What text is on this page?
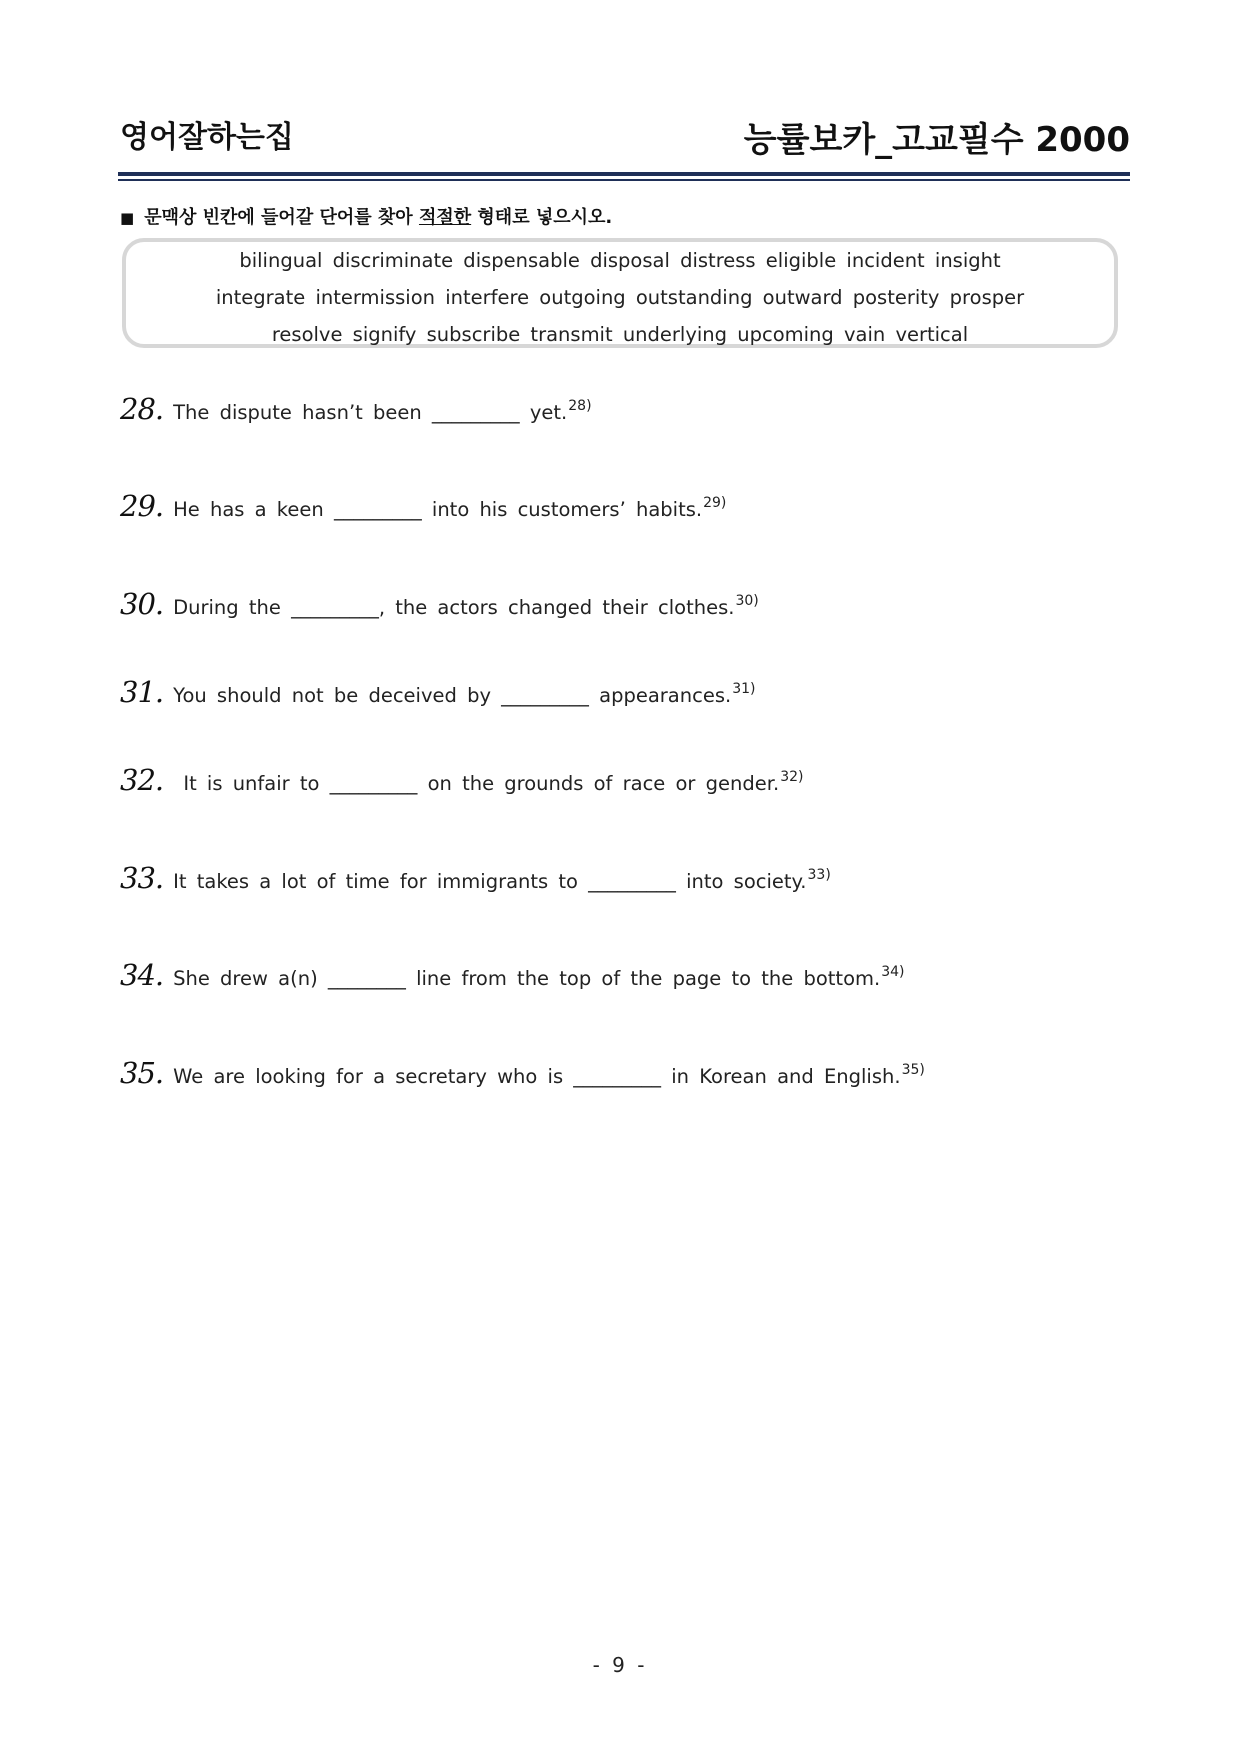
영어잘하는집	능률보카_고교필수 2000
■ 문맥상 빈칸에 들어갈 단어를 찾아 적절한 형태로 넣으시오.
bilingual discriminate dispensable disposal distress eligible incident insight
integrate intermission interfere outgoing outstanding outward posterity prosper
resolve signify subscribe transmit underlying upcoming vain vertical
28. The dispute hasn’t been _________ yet.$^{28)}$
29. He has a keen _________ into his customers’ habits.$^{29)}$
30. During the _________, the actors changed their clothes.$^{30)}$
31. You should not be deceived by _________ appearances.$^{31)}$
32. It is unfair to _________ on the grounds of race or gender.$^{32)}$
33. It takes a lot of time for immigrants to _________ into society.$^{33)}$
34. She drew a(n) ________ line from the top of the page to the bottom.$^{34)}$
35. We are looking for a secretary who is _________ in Korean and English.$^{35)}$
- 9 -
